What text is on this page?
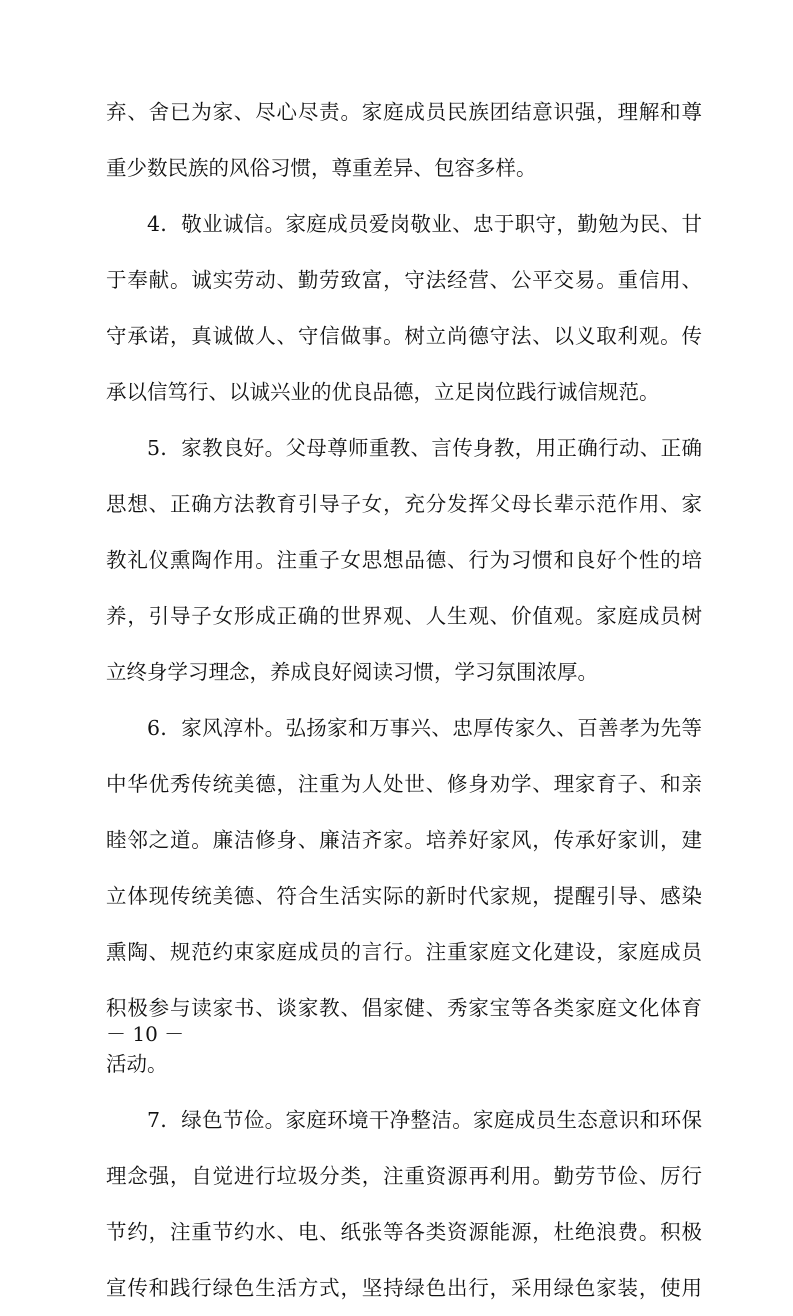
弃、舍已为家、尽心尽责。家庭成员民族团结意识强，理解和尊
重少数民族的风俗习惯，尊重差异、包容多样。
4．敬业诚信。家庭成员爱岗敬业、忠于职守，勤勉为民、甘
于奉献。诚实劳动、勤劳致富，守法经营、公平交易。重信用、
守承诺，真诚做人、守信做事。树立尚德守法、以义取利观。传
承以信笃行、以诚兴业的优良品德，立足岗位践行诚信规范。
5．家教良好。父母尊师重教、言传身教，用正确行动、正确
思想、正确方法教育引导子女，充分发挥父母长辈示范作用、家
教礼仪熏陶作用。注重子女思想品德、行为习惯和良好个性的培
养，引导子女形成正确的世界观、人生观、价值观。家庭成员树
立终身学习理念，养成良好阅读习惯，学习氛围浓厚。
6．家风淳朴。弘扬家和万事兴、忠厚传家久、百善孝为先等
中华优秀传统美德，注重为人处世、修身劝学、理家育子、和亲
睦邻之道。廉洁修身、廉洁齐家。培养好家风，传承好家训，建
立体现传统美德、符合生活实际的新时代家规，提醒引导、感染
熏陶、规范约束家庭成员的言行。注重家庭文化建设，家庭成员
积极参与读家书、谈家教、倡家健、秀家宝等各类家庭文化体育
活动。
7．绿色节俭。家庭环境干净整洁。家庭成员生态意识和环保
理念强，自觉进行垃圾分类，注重资源再利用。勤劳节俭、厉行
节约，注重节约水、电、纸张等各类资源能源，杜绝浪费。积极
宣传和践行绿色生活方式，坚持绿色出行，采用绿色家装，使用
－ 10 －
